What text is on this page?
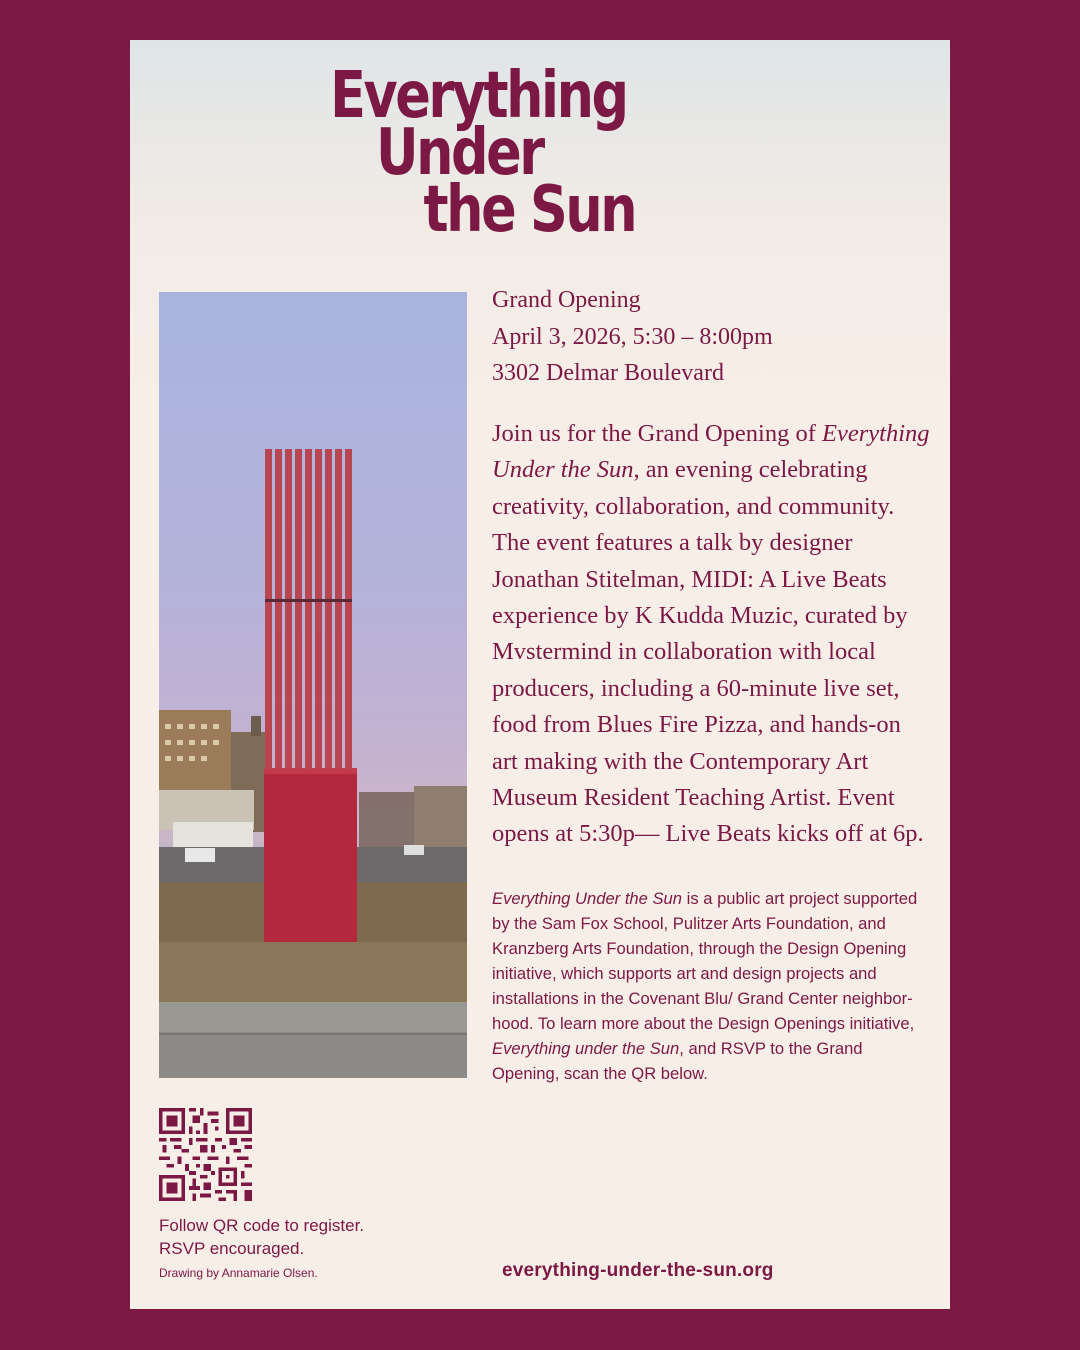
Everything
Under
the Sun
Grand Opening
April 3, 2026, 5:30 – 8:00pm
3302 Delmar Boulevard
Join us for the Grand Opening of Everything Under the Sun, an evening celebrating creativity, collaboration, and community. The event features a talk by designer Jonathan Stitelman, MIDI: A Live Beats experience by K Kudda Muzic, curated by Mvstermind in collaboration with local producers, including a 60-minute live set, food from Blues Fire Pizza, and hands-on art making with the Contemporary Art Museum Resident Teaching Artist. Event opens at 5:30p— Live Beats kicks off at 6p.
Everything Under the Sun is a public art project supported by the Sam Fox School, Pulitzer Arts Foundation, and Kranzberg Arts Foundation, through the Design Opening initiative, which supports art and design projects and installations in the Covenant Blu/ Grand Center neighbor-hood. To learn more about the Design Openings initiative, Everything under the Sun, and RSVP to the Grand Opening, scan the QR below.
Follow QR code to register.
RSVP encouraged.
Drawing by Annamarie Olsen.	everything-under-the-sun.org
